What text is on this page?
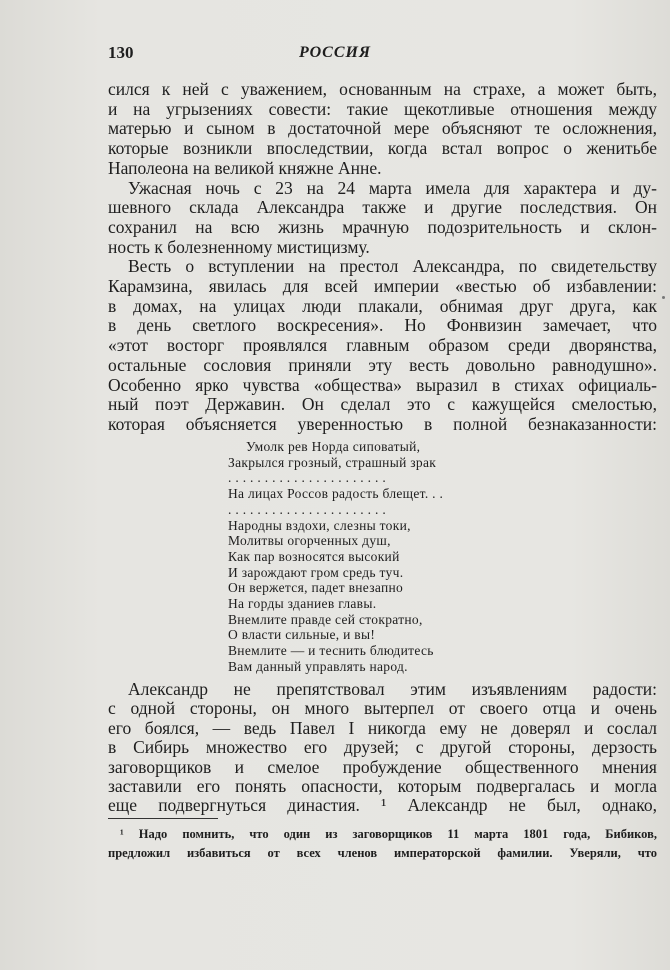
130	РОССИЯ
сился к ней с уважением, основанным на страхе, а может быть,
и на угрызениях совести: такие щекотливые отношения между
матерью и сыном в достаточной мере объясняют те осложнения,
которые возникли впоследствии, когда встал вопрос о женитьбе
Наполеона на великой княжне Анне.
Ужасная ночь с 23 на 24 марта имела для характера и ду-
шевного склада Александра также и другие последствия. Он
сохранил на всю жизнь мрачную подозрительность и склон-
ность к болезненному мистицизму.
Весть о вступлении на престол Александра, по свидетельству
Карамзина, явилась для всей империи «вестью об избавлении:
в домах, на улицах люди плакали, обнимая друг друга, как
в день светлого воскресения». Но Фонвизин замечает, что
«этот восторг проявлялся главным образом среди дворянства,
остальные сословия приняли эту весть довольно равнодушно».
Особенно ярко чувства «общества» выразил в стихах официаль-
ный поэт Державин. Он сделал это с кажущейся смелостью,
которая объясняется уверенностью в полной безнаказанности:
Умолк рев Норда сиповатый,
Закрылся грозный, страшный зрак
. . . . . . . . . . . . . . . . . . . . . .
На лицах Россов радость блещет. . .
. . . . . . . . . . . . . . . . . . . . . .
Народны вздохи, слезны токи,
Молитвы огорченных душ,
Как пар возносятся высокий
И зарождают гром средь туч.
Он вержется, падет внезапно
На горды зданиев главы.
Внемлите правде сей стократно,
О власти сильные, и вы!
Внемлите — и теснить блюдитесь
Вам данный управлять народ.
Александр не препятствовал этим изъявлениям радости:
с одной стороны, он много вытерпел от своего отца и очень
его боялся, — ведь Павел I никогда ему не доверял и сослал
в Сибирь множество его друзей; с другой стороны, дерзость
заговорщиков и смелое пробуждение общественного мнения
заставили его понять опасности, которым подвергалась и могла
еще подвергнуться династия. ¹ Александр не был, однако,
¹ Надо помнить, что один из заговорщиков 11 марта 1801 года, Бибиков,
предложил избавиться от всех членов императорской фамилии. Уверяли, что
